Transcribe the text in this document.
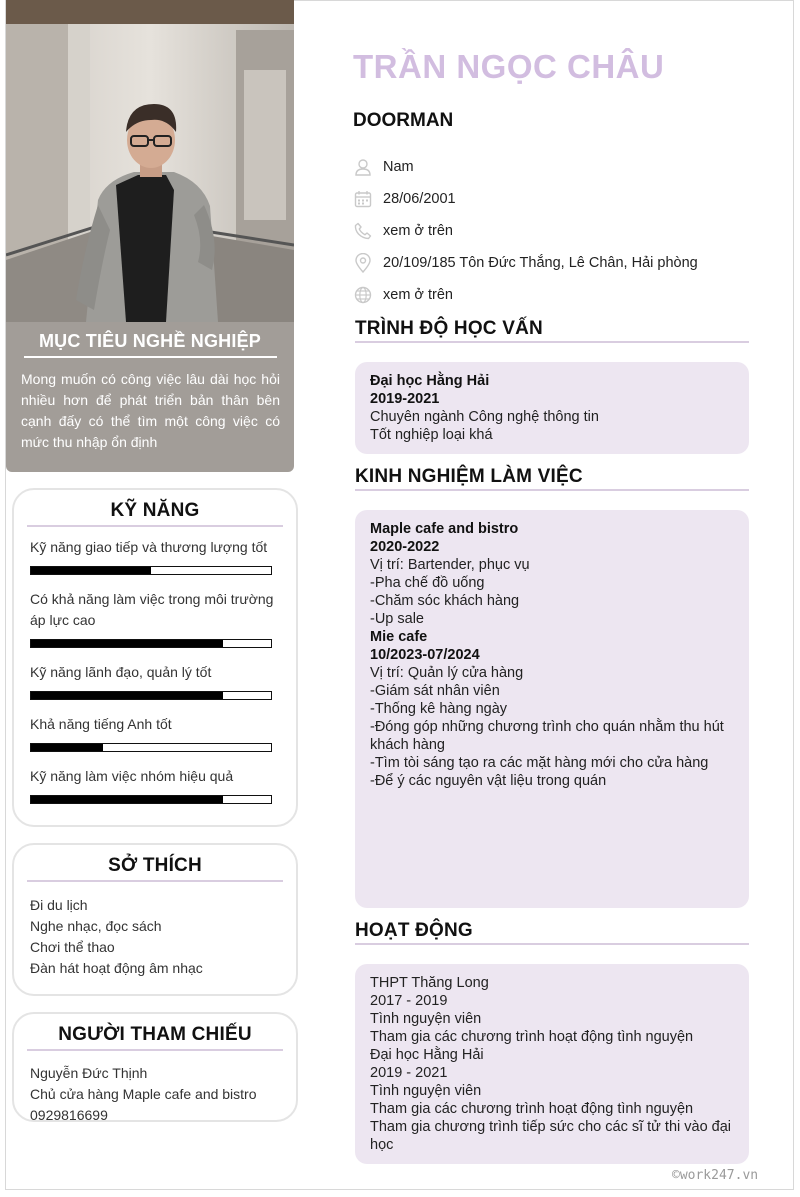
MỤC TIÊU NGHỀ NGHIỆP

Mong muốn có công việc lâu dài học hỏi nhiều hơn để phát triển bản thân bên cạnh đấy có thể tìm một công việc có mức thu nhập ổn định

KỸ NĂNG
Kỹ năng giao tiếp và thương lượng tốt
Có khả năng làm việc trong môi trường áp lực cao
Kỹ năng lãnh đạo, quản lý tốt
Khả năng tiếng Anh tốt
Kỹ năng làm việc nhóm hiệu quả
SỞ THÍCH
Đi du lịch
Nghe nhạc, đọc sách
Chơi thể thao
Đàn hát hoạt động âm nhạc
NGƯỜI THAM CHIẾU
Nguyễn Đức Thịnh
Chủ cửa hàng Maple cafe and bistro
0929816699
TRẦN NGỌC CHÂU
DOORMAN
Nam
28/06/2001
xem ở trên
20/109/185 Tôn Đức Thắng, Lê Chân, Hải phòng
xem ở trên
TRÌNH ĐỘ HỌC VẤN
Đại học Hằng Hải
2019-2021
Chuyên ngành Công nghệ thông tin
Tốt nghiệp loại khá
KINH NGHIỆM LÀM VIỆC
Maple cafe and bistro
2020-2022
Vị trí: Bartender, phục vụ
-Pha chế đồ uống
-Chăm sóc khách hàng
-Up sale
Mie cafe
10/2023-07/2024
Vị trí: Quản lý cửa hàng
-Giám sát nhân viên
-Thống kê hàng ngày
-Đóng góp những chương trình cho quán nhằm thu hút khách hàng
-Tìm tòi sáng tạo ra các mặt hàng mới cho cửa hàng
-Để ý các nguyên vật liệu trong quán
HOẠT ĐỘNG
THPT Thăng Long
2017 - 2019
Tình nguyện viên
Tham gia các chương trình hoạt động tình nguyện
Đại học Hằng Hải
2019 - 2021
Tình nguyện viên
Tham gia các chương trình hoạt động tình nguyện
Tham gia chương trình tiếp sức cho các sĩ tử thi vào đại học
©work247.vn
